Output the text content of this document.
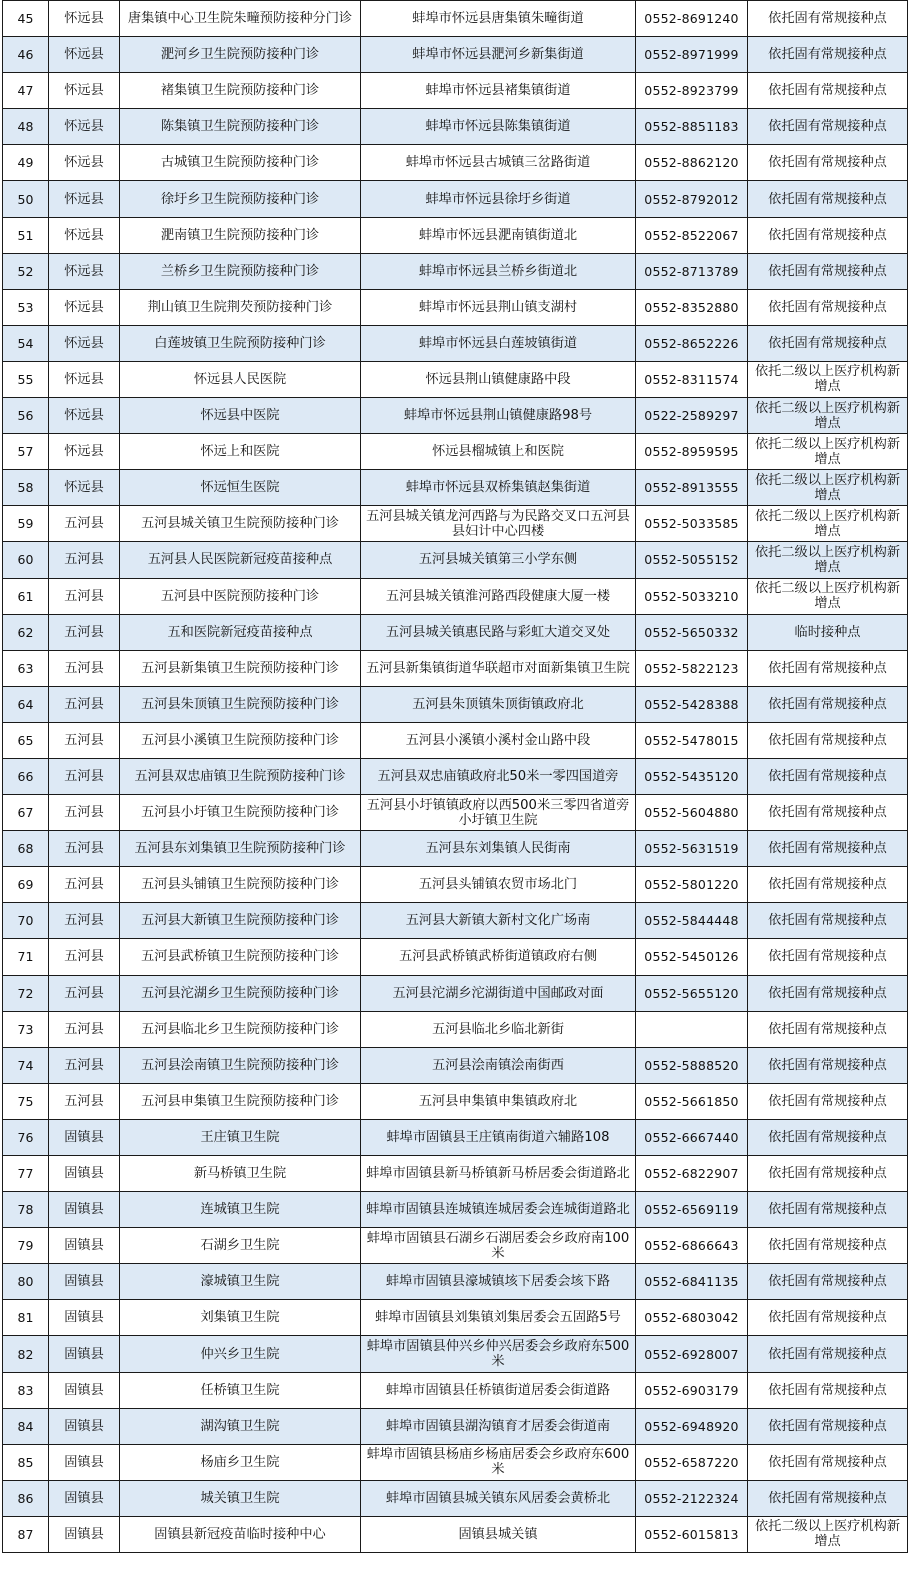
45	怀远县	唐集镇中心卫生院朱疃预防接种分门诊	蚌埠市怀远县唐集镇朱疃街道	0552-8691240	依托固有常规接种点
46	怀远县	淝河乡卫生院预防接种门诊	蚌埠市怀远县淝河乡新集街道	0552-8971999	依托固有常规接种点
47	怀远县	褚集镇卫生院预防接种门诊	蚌埠市怀远县褚集镇街道	0552-8923799	依托固有常规接种点
48	怀远县	陈集镇卫生院预防接种门诊	蚌埠市怀远县陈集镇街道	0552-8851183	依托固有常规接种点
49	怀远县	古城镇卫生院预防接种门诊	蚌埠市怀远县古城镇三岔路街道	0552-8862120	依托固有常规接种点
50	怀远县	徐圩乡卫生院预防接种门诊	蚌埠市怀远县徐圩乡街道	0552-8792012	依托固有常规接种点
51	怀远县	淝南镇卫生院预防接种门诊	蚌埠市怀远县淝南镇街道北	0552-8522067	依托固有常规接种点
52	怀远县	兰桥乡卫生院预防接种门诊	蚌埠市怀远县兰桥乡街道北	0552-8713789	依托固有常规接种点
53	怀远县	荆山镇卫生院荆芡预防接种门诊	蚌埠市怀远县荆山镇支湖村	0552-8352880	依托固有常规接种点
54	怀远县	白莲坡镇卫生院预防接种门诊	蚌埠市怀远县白莲坡镇街道	0552-8652226	依托固有常规接种点
55	怀远县	怀远县人民医院	怀远县荆山镇健康路中段	0552-8311574	依托二级以上医疗机构新增点
56	怀远县	怀远县中医院	蚌埠市怀远县荆山镇健康路98号	0522-2589297	依托二级以上医疗机构新增点
57	怀远县	怀远上和医院	怀远县榴城镇上和医院	0552-8959595	依托二级以上医疗机构新增点
58	怀远县	怀远恒生医院	蚌埠市怀远县双桥集镇赵集街道	0552-8913555	依托二级以上医疗机构新增点
59	五河县	五河县城关镇卫生院预防接种门诊	五河县城关镇龙河西路与为民路交叉口五河县县妇计中心四楼	0552-5033585	依托二级以上医疗机构新增点
60	五河县	五河县人民医院新冠疫苗接种点	五河县城关镇第三小学东侧	0552-5055152	依托二级以上医疗机构新增点
61	五河县	五河县中医院预防接种门诊	五河县城关镇淮河路西段健康大厦一楼	0552-5033210	依托二级以上医疗机构新增点
62	五河县	五和医院新冠疫苗接种点	五河县城关镇惠民路与彩虹大道交叉处	0552-5650332	临时接种点
63	五河县	五河县新集镇卫生院预防接种门诊	五河县新集镇街道华联超市对面新集镇卫生院	0552-5822123	依托固有常规接种点
64	五河县	五河县朱顶镇卫生院预防接种门诊	五河县朱顶镇朱顶街镇政府北	0552-5428388	依托固有常规接种点
65	五河县	五河县小溪镇卫生院预防接种门诊	五河县小溪镇小溪村金山路中段	0552-5478015	依托固有常规接种点
66	五河县	五河县双忠庙镇卫生院预防接种门诊	五河县双忠庙镇政府北50米一零四国道旁	0552-5435120	依托固有常规接种点
67	五河县	五河县小圩镇卫生院预防接种门诊	五河县小圩镇镇政府以西500米三零四省道旁小圩镇卫生院	0552-5604880	依托固有常规接种点
68	五河县	五河县东刘集镇卫生院预防接种门诊	五河县东刘集镇人民街南	0552-5631519	依托固有常规接种点
69	五河县	五河县头铺镇卫生院预防接种门诊	五河县头铺镇农贸市场北门	0552-5801220	依托固有常规接种点
70	五河县	五河县大新镇卫生院预防接种门诊	五河县大新镇大新村文化广场南	0552-5844448	依托固有常规接种点
71	五河县	五河县武桥镇卫生院预防接种门诊	五河县武桥镇武桥街道镇政府右侧	0552-5450126	依托固有常规接种点
72	五河县	五河县沱湖乡卫生院预防接种门诊	五河县沱湖乡沱湖街道中国邮政对面	0552-5655120	依托固有常规接种点
73	五河县	五河县临北乡卫生院预防接种门诊	五河县临北乡临北新街		依托固有常规接种点
74	五河县	五河县浍南镇卫生院预防接种门诊	五河县浍南镇浍南街西	0552-5888520	依托固有常规接种点
75	五河县	五河县申集镇卫生院预防接种门诊	五河县申集镇申集镇政府北	0552-5661850	依托固有常规接种点
76	固镇县	王庄镇卫生院	蚌埠市固镇县王庄镇南街道六辅路108	0552-6667440	依托固有常规接种点
77	固镇县	新马桥镇卫生院	蚌埠市固镇县新马桥镇新马桥居委会街道路北	0552-6822907	依托固有常规接种点
78	固镇县	连城镇卫生院	蚌埠市固镇县连城镇连城居委会连城街道路北	0552-6569119	依托固有常规接种点
79	固镇县	石湖乡卫生院	蚌埠市固镇县石湖乡石湖居委会乡政府南100米	0552-6866643	依托固有常规接种点
80	固镇县	濠城镇卫生院	蚌埠市固镇县濠城镇垓下居委会垓下路	0552-6841135	依托固有常规接种点
81	固镇县	刘集镇卫生院	蚌埠市固镇县刘集镇刘集居委会五固路5号	0552-6803042	依托固有常规接种点
82	固镇县	仲兴乡卫生院	蚌埠市固镇县仲兴乡仲兴居委会乡政府东500米	0552-6928007	依托固有常规接种点
83	固镇县	任桥镇卫生院	蚌埠市固镇县任桥镇街道居委会街道路	0552-6903179	依托固有常规接种点
84	固镇县	湖沟镇卫生院	蚌埠市固镇县湖沟镇育才居委会街道南	0552-6948920	依托固有常规接种点
85	固镇县	杨庙乡卫生院	蚌埠市固镇县杨庙乡杨庙居委会乡政府东600米	0552-6587220	依托固有常规接种点
86	固镇县	城关镇卫生院	蚌埠市固镇县城关镇东风居委会黄桥北	0552-2122324	依托固有常规接种点
87	固镇县	固镇县新冠疫苗临时接种中心	固镇县城关镇	0552-6015813	依托二级以上医疗机构新增点
